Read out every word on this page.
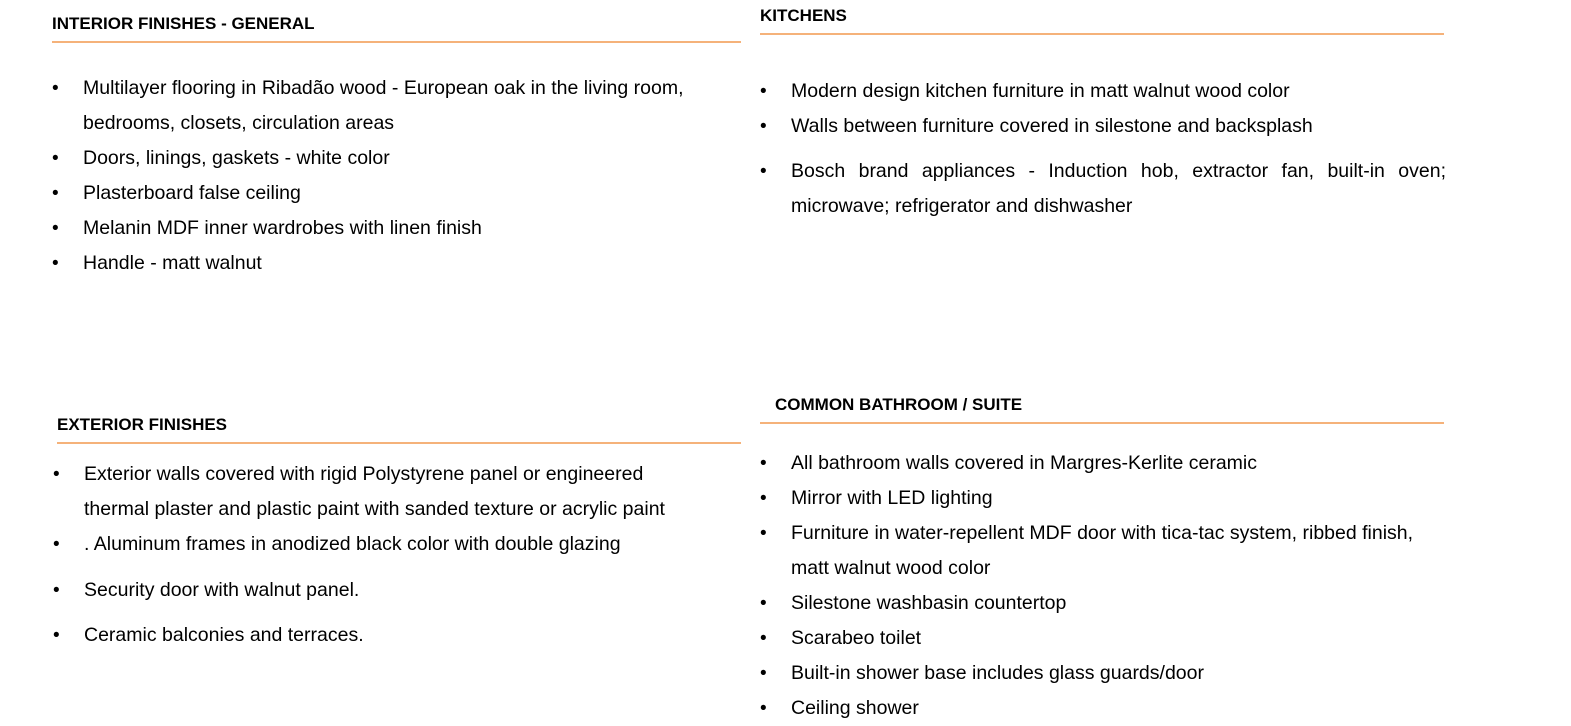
INTERIOR FINISHES - GENERAL
• Multilayer flooring in Ribadão wood - European oak in the living room, bedrooms, closets, circulation areas
• Doors, linings, gaskets - white color
• Plasterboard false ceiling
• Melanin MDF inner wardrobes with linen finish
• Handle - matt walnut
KITCHENS
• Modern design kitchen furniture in matt walnut wood color
• Walls between furniture covered in silestone and backsplash
• Bosch brand appliances - Induction hob, extractor fan, built-in oven; microwave; refrigerator and dishwasher
EXTERIOR FINISHES
• Exterior walls covered with rigid Polystyrene panel or engineered thermal plaster and plastic paint with sanded texture or acrylic paint
• . Aluminum frames in anodized black color with double glazing
• Security door with walnut panel.
• Ceramic balconies and terraces.
COMMON BATHROOM / SUITE
• All bathroom walls covered in Margres-Kerlite ceramic
• Mirror with LED lighting
• Furniture in water-repellent MDF door with tica-tac system, ribbed finish, matt walnut wood color
• Silestone washbasin countertop
• Scarabeo toilet
• Built-in shower base includes glass guards/door
• Ceiling shower
